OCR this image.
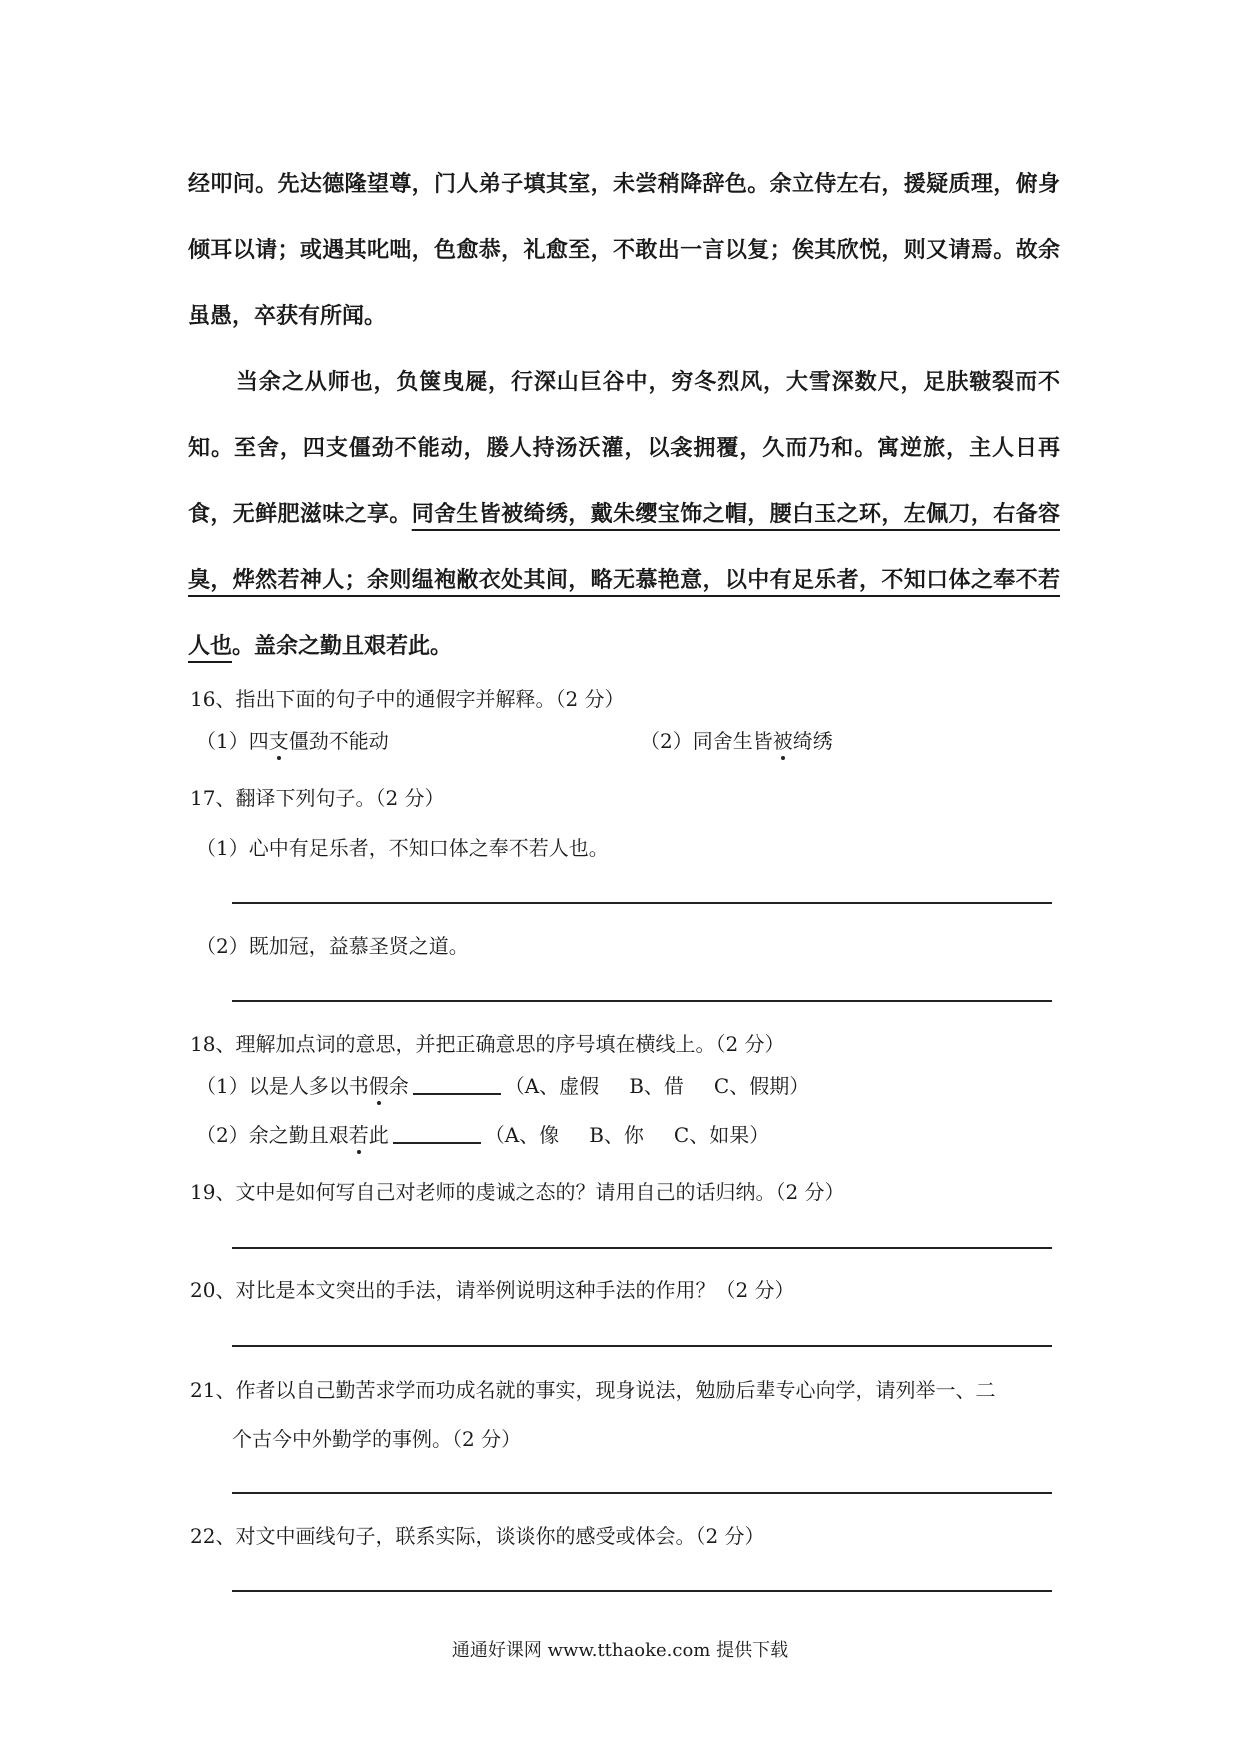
经叩问。先达德隆望尊，门人弟子填其室，未尝稍降辞色。余立侍左右，援疑质理，俯身倾耳以请；或遇其叱咄，色愈恭，礼愈至，不敢出一言以复；俟其欣悦，则又请焉。故余虽愚，卒获有所闻。

当余之从师也，负箧曳屣，行深山巨谷中，穷冬烈风，大雪深数尺，足肤皲裂而不知。至舍，四支僵劲不能动，媵人持汤沃灌，以衾拥覆，久而乃和。寓逆旅，主人日再食，无鲜肥滋味之享。同舍生皆被绮绣，戴朱缨宝饰之帽，腰白玉之环，左佩刀，右备容臭，烨然若神人；余则缊袍敝衣处其间，略无慕艳意，以中有足乐者，不知口体之奉不若人也。盖余之勤且艰若此。

16、指出下面的句子中的通假字并解释。（2 分）
（1）四支僵劲不能动	（2）同舍生皆被绮绣
17、翻译下列句子。（2 分）
（1）心中有足乐者，不知口体之奉不若人也。
（2）既加冠，益慕圣贤之道。
18、理解加点词的意思，并把正确意思的序号填在横线上。（2 分）
（1）以是人多以书假余	（A、虚假 B、借 C、假期）
（2）余之勤且艰若此	（A、像 B、你 C、如果）
19、文中是如何写自己对老师的虔诚之态的？请用自己的话归纳。（2 分）
20、对比是本文突出的手法，请举例说明这种手法的作用？（2 分）
21、作者以自己勤苦求学而功成名就的事实，现身说法，勉励后辈专心向学，请列举一、二
个古今中外勤学的事例。（2 分）
22、对文中画线句子，联系实际，谈谈你的感受或体会。（2 分）
通通好课网 www.tthaoke.com 提供下载
